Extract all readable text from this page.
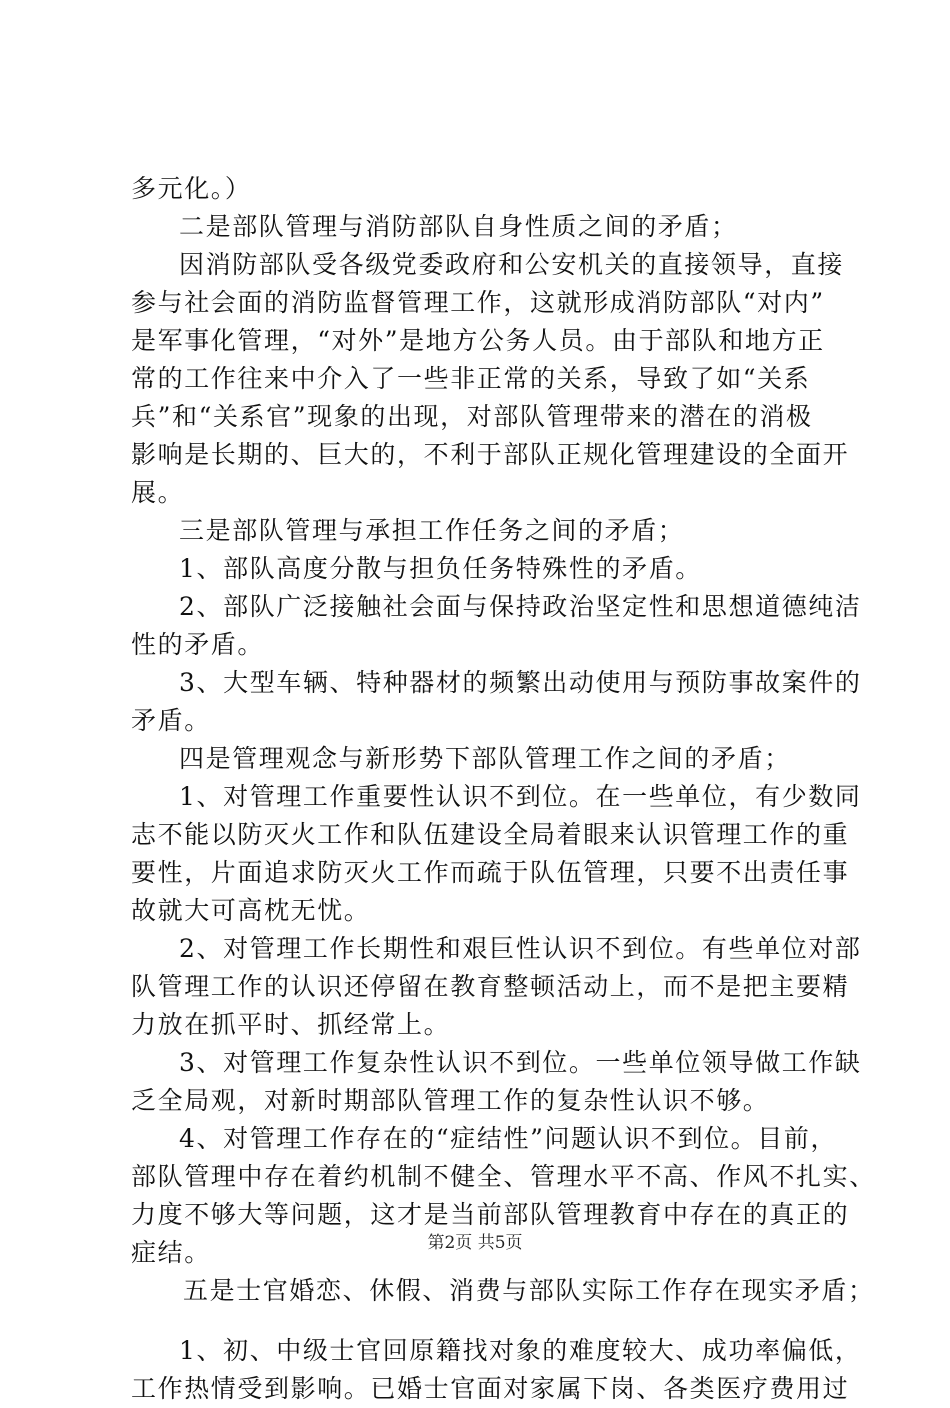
多元化。）
二是部队管理与消防部队自身性质之间的矛盾；
因消防部队受各级党委政府和公安机关的直接领导，直接
参与社会面的消防监督管理工作，这就形成消防部队“对内”
是军事化管理，“对外”是地方公务人员。由于部队和地方正
常的工作往来中介入了一些非正常的关系，导致了如“关系
兵”和“关系官”现象的出现，对部队管理带来的潜在的消极
影响是长期的、巨大的，不利于部队正规化管理建设的全面开
展。
三是部队管理与承担工作任务之间的矛盾；
1、部队高度分散与担负任务特殊性的矛盾。
2、部队广泛接触社会面与保持政治坚定性和思想道德纯洁
性的矛盾。
3、大型车辆、特种器材的频繁出动使用与预防事故案件的
矛盾。
四是管理观念与新形势下部队管理工作之间的矛盾；
1、对管理工作重要性认识不到位。在一些单位，有少数同
志不能以防灭火工作和队伍建设全局着眼来认识管理工作的重
要性，片面追求防灭火工作而疏于队伍管理，只要不出责任事
故就大可高枕无忧。
2、对管理工作长期性和艰巨性认识不到位。有些单位对部
队管理工作的认识还停留在教育整顿活动上，而不是把主要精
力放在抓平时、抓经常上。
3、对管理工作复杂性认识不到位。一些单位领导做工作缺
乏全局观，对新时期部队管理工作的复杂性认识不够。
4、对管理工作存在的“症结性”问题认识不到位。目前，
部队管理中存在着约机制不健全、管理水平不高、作风不扎实、
力度不够大等问题，这才是当前部队管理教育中存在的真正的
症结。
五是士官婚恋、休假、消费与部队实际工作存在现实矛盾；
1、初、中级士官回原籍找对象的难度较大、成功率偏低，
工作热情受到影响。已婚士官面对家属下岗、各类医疗费用过
第2页 共5页
